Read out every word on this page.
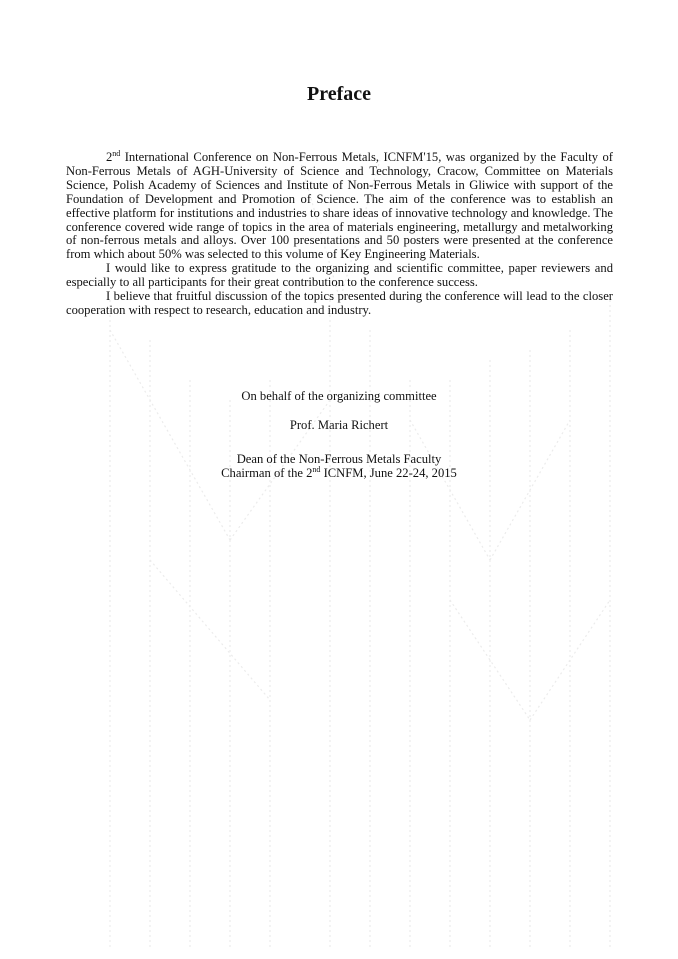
Preface

2nd International Conference on Non-Ferrous Metals, ICNFM'15, was organized by the Faculty of Non-Ferrous Metals of AGH-University of Science and Technology, Cracow, Committee on Materials Science, Polish Academy of Sciences and Institute of Non-Ferrous Metals in Gliwice with support of the Foundation of Development and Promotion of Science. The aim of the conference was to establish an effective platform for institutions and industries to share ideas of innovative technology and knowledge. The conference covered wide range of topics in the area of materials engineering, metallurgy and metalworking of non-ferrous metals and alloys. Over 100 presentations and 50 posters were presented at the conference from which about 50% was selected to this volume of Key Engineering Materials.

I would like to express gratitude to the organizing and scientific committee, paper reviewers and especially to all participants for their great contribution to the conference success.

I believe that fruitful discussion of the topics presented during the conference will lead to the closer cooperation with respect to research, education and industry.

On behalf of the organizing committee
Prof. Maria Richert
Dean of the Non-Ferrous Metals Faculty
Chairman of the 2nd ICNFM, June 22-24, 2015
